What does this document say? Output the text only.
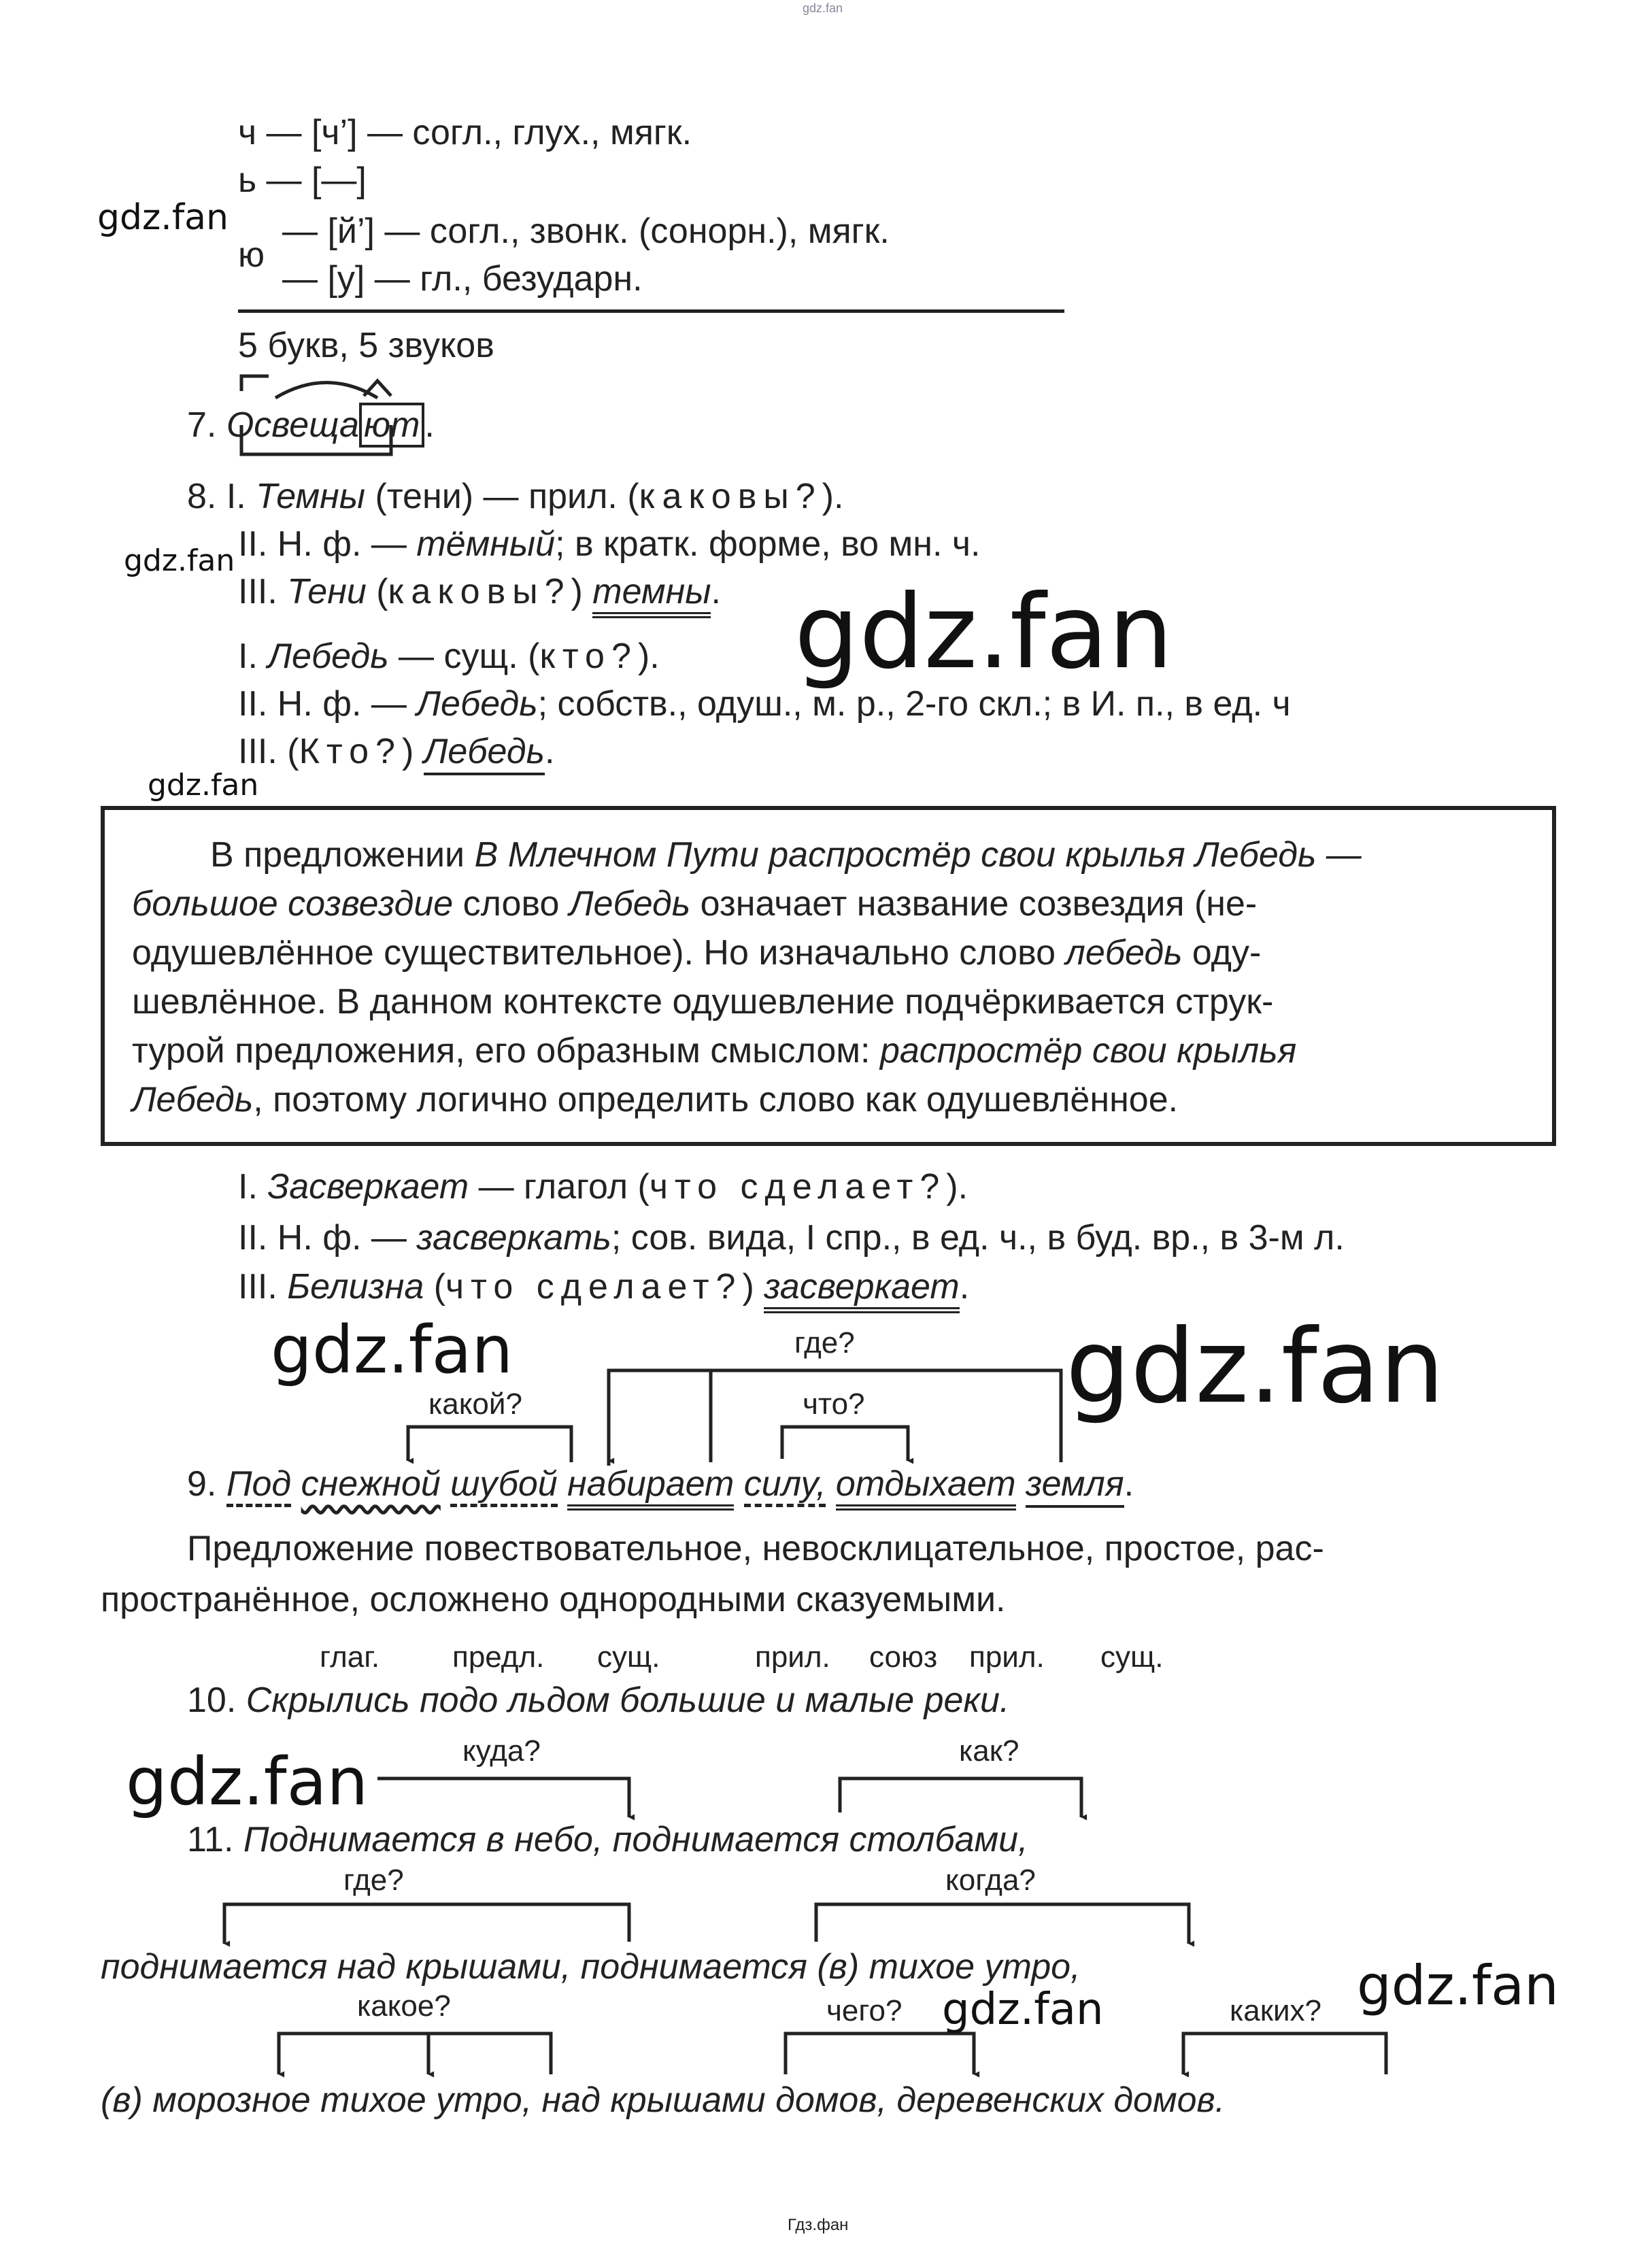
gdz.fan
ч — [ч’] — согл., глух., мягк.
ь — [—]
— [й’] — согл., звонк. (сонорн.), мягк.
ю
— [у] — гл., безударн.
5 букв, 5 звуков
7. Освеща ют .
8. I. Темны (тени) — прил. (каковы?).
II. Н. ф. — тёмный; в кратк. форме, во мн. ч.
III. Тени (каковы?) темны.
I. Лебедь — сущ. (кто?).
II. Н. ф. — Лебедь; собств., одуш., м. р., 2-го скл.; в И. п., в ед. ч
III. (Кто?) Лебедь.
В предложении В Млечном Пути распростёр свои крылья Лебедь —
большое созвездие слово Лебедь означает название созвездия (не-
одушевлённое существительное). Но изначально слово лебедь оду-
шевлённое. В данном контексте одушевление подчёркивается струк-
турой предложения, его образным смыслом: распростёр свои крылья
Лебедь, поэтому логично определить слово как одушевлённое.
I. Засверкает — глагол (что сделает?).
II. Н. ф. — засверкать; сов. вида, I спр., в ед. ч., в буд. вр., в 3-м л.
III. Белизна (что сделает?) засверкает.
где?
какой?	что?
9. Под снежной шубой набирает силу, отдыхает земля.
Предложение повествовательное, невосклицательное, простое, рас-
пространённое, осложнено однородными сказуемыми.
глаг. предл. сущ.	прил. союз прил. сущ.
10. Скрылись подо льдом большие и малые реки.
куда?	как?
11. Поднимается в небо, поднимается столбами,
где?	когда?
поднимается над крышами, поднимается (в) тихое утро,
какое?	чего?	каких?
(в) морозное тихое утро, над крышами домов, деревенских домов.
gdz.fan
gdz.fan
gdz.fan
gdz.fan
gdz.fan	gdz.fan
gdz.fan
gdz.fan
gdz.fan
Гдз.фан
